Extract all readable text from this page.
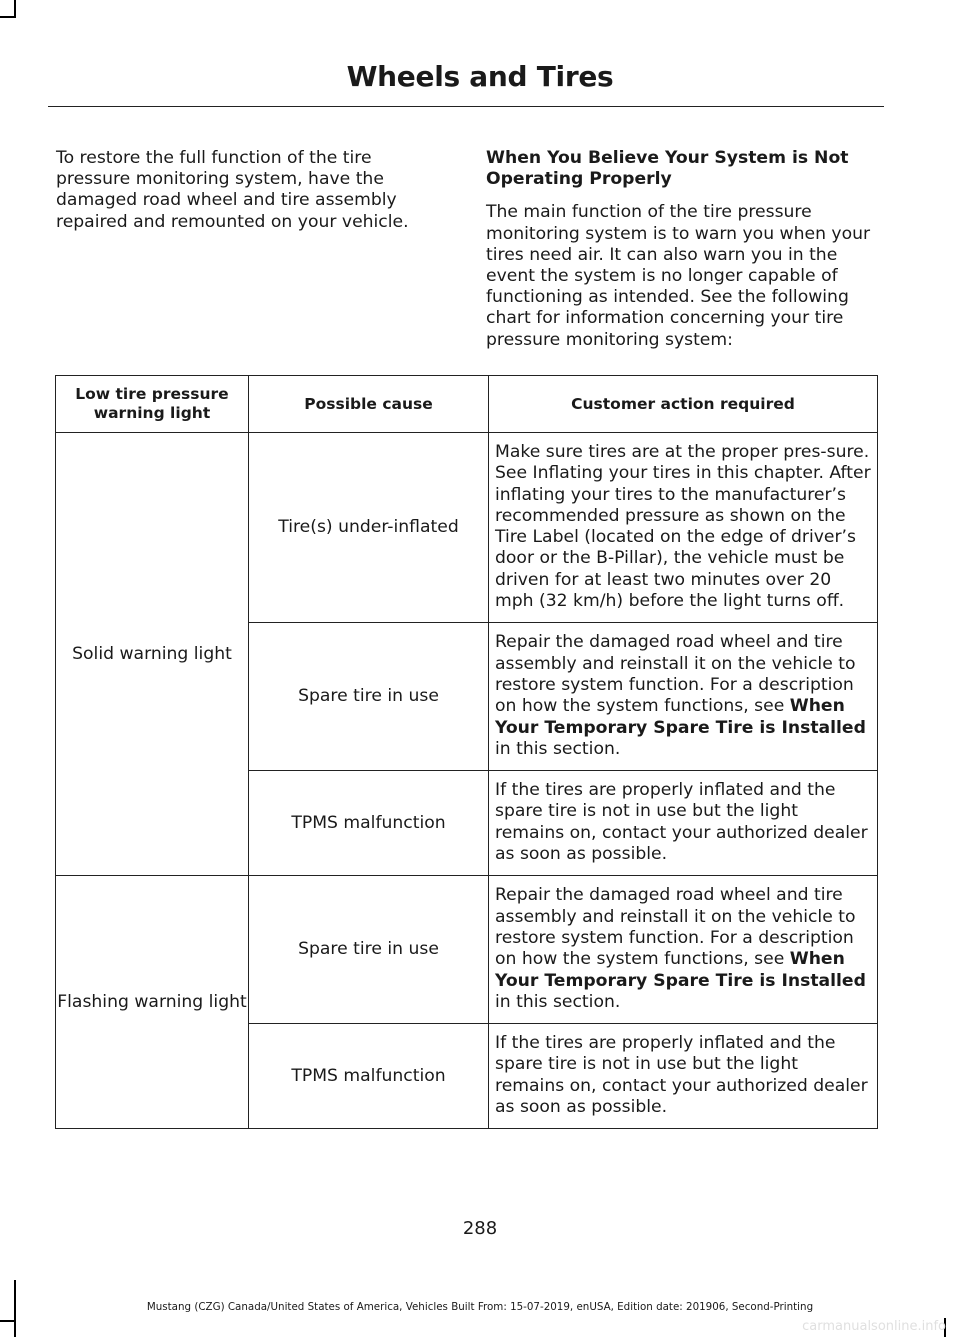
Wheels and Tires

To restore the full function of the tire pressure monitoring system, have the damaged road wheel and tire assembly repaired and remounted on your vehicle.

When You Believe Your System is Not Operating Properly

The main function of the tire pressure monitoring system is to warn you when your tires need air. It can also warn you in the event the system is no longer capable of functioning as intended. See the following chart for information concerning your tire pressure monitoring system:

Low tire pressure warning light	Possible cause	Customer action required
Solid warning light	Tire(s) under-inflated	Make sure tires are at the proper pres-sure. See Inflating your tires in this chapter. After inflating your tires to the manufacturer’s recommended pressure as shown on the Tire Label (located on the edge of driver’s door or the B-Pillar), the vehicle must be driven for at least two minutes over 20 mph (32 km/h) before the light turns off.
	Spare tire in use	Repair the damaged road wheel and tire assembly and reinstall it on the vehicle to restore system function. For a description on how the system functions, see When Your Temporary Spare Tire is Installed in this section.
	TPMS malfunction	If the tires are properly inflated and the spare tire is not in use but the light remains on, contact your authorized dealer as soon as possible.
Flashing warning light	Spare tire in use	Repair the damaged road wheel and tire assembly and reinstall it on the vehicle to restore system function. For a description on how the system functions, see When Your Temporary Spare Tire is Installed in this section.
	TPMS malfunction	If the tires are properly inflated and the spare tire is not in use but the light remains on, contact your authorized dealer as soon as possible.
288
Mustang (CZG) Canada/United States of America, Vehicles Built From: 15-07-2019, enUSA, Edition date: 201906, Second-Printing
carmanualsonline.info
